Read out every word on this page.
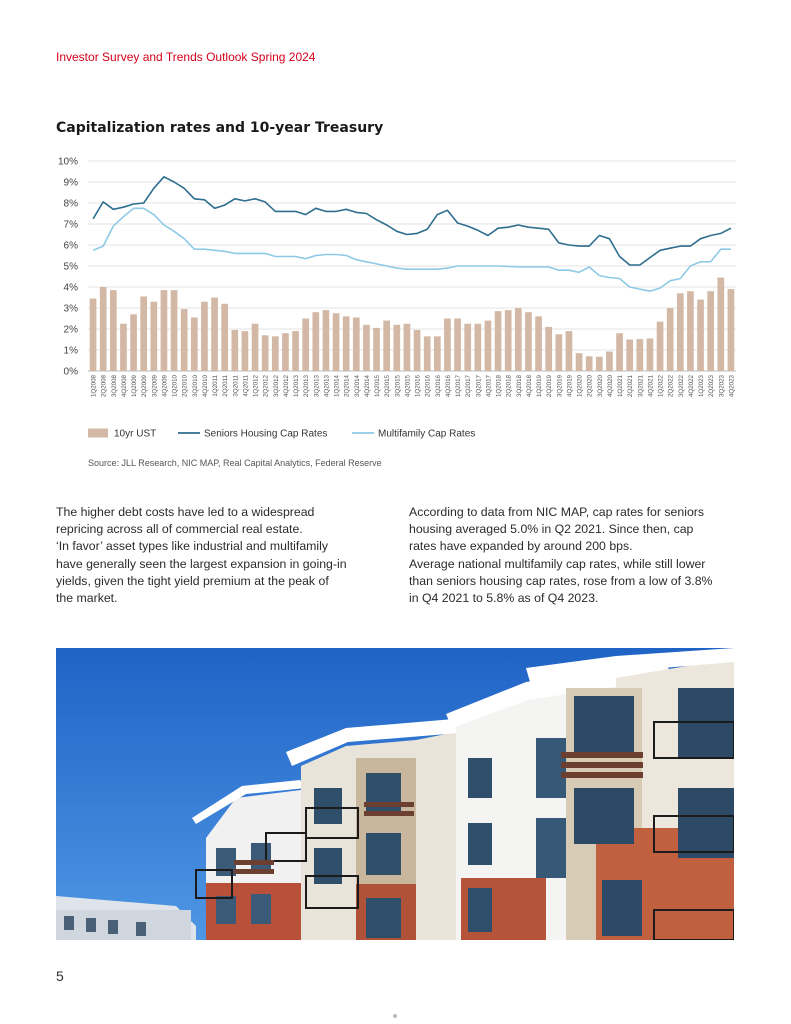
Investor Survey and Trends Outlook Spring 2024
Capitalization rates and 10-year Treasury
0%
1%
2%
3%
4%
5%
6%
7%
8%
9%
10%
1Q2008 2Q2008 3Q2008 4Q2008 1Q2009 2Q2009 3Q2009 4Q2009 1Q2010 2Q2010 3Q2010 4Q2010 1Q2011 2Q2011 3Q2011 4Q2011 1Q2012 2Q2012 3Q2012 4Q2012 1Q2013 2Q2013 3Q2013 4Q2013 1Q2014 2Q2014 3Q2014 4Q2014 1Q2015 2Q2015 3Q2015 4Q2015 1Q2016 2Q2016 3Q2016 4Q2016 1Q2017 2Q2017 3Q2017 4Q2017 1Q2018 2Q2018 3Q2018 4Q2018 1Q2019 2Q2019 3Q2019 4Q2019 1Q2020 2Q2020 3Q2020 4Q2020 1Q2021 2Q2021 3Q2021 4Q2021 1Q2022 2Q2022 3Q2022 4Q2022 1Q2023 2Q2023 3Q2023 4Q2023
10yr UST	Seniors Housing Cap Rates	Multifamily Cap Rates
Source: JLL Research, NIC MAP, Real Capital Analytics, Federal Reserve

The higher debt costs have led to a widespread

repricing across all of commercial real estate.

‘In favor’ asset types like industrial and multifamily

have generally seen the largest expansion in going-in

yields, given the tight yield premium at the peak of

the market.

According to data from NIC MAP, cap rates for seniors

housing averaged 5.0% in Q2 2021. Since then, cap

rates have expanded by around 200 bps.

Average national multifamily cap rates, while still lower

than seniors housing cap rates, rose from a low of 3.8%

in Q4 2021 to 5.8% as of Q4 2023.

5
